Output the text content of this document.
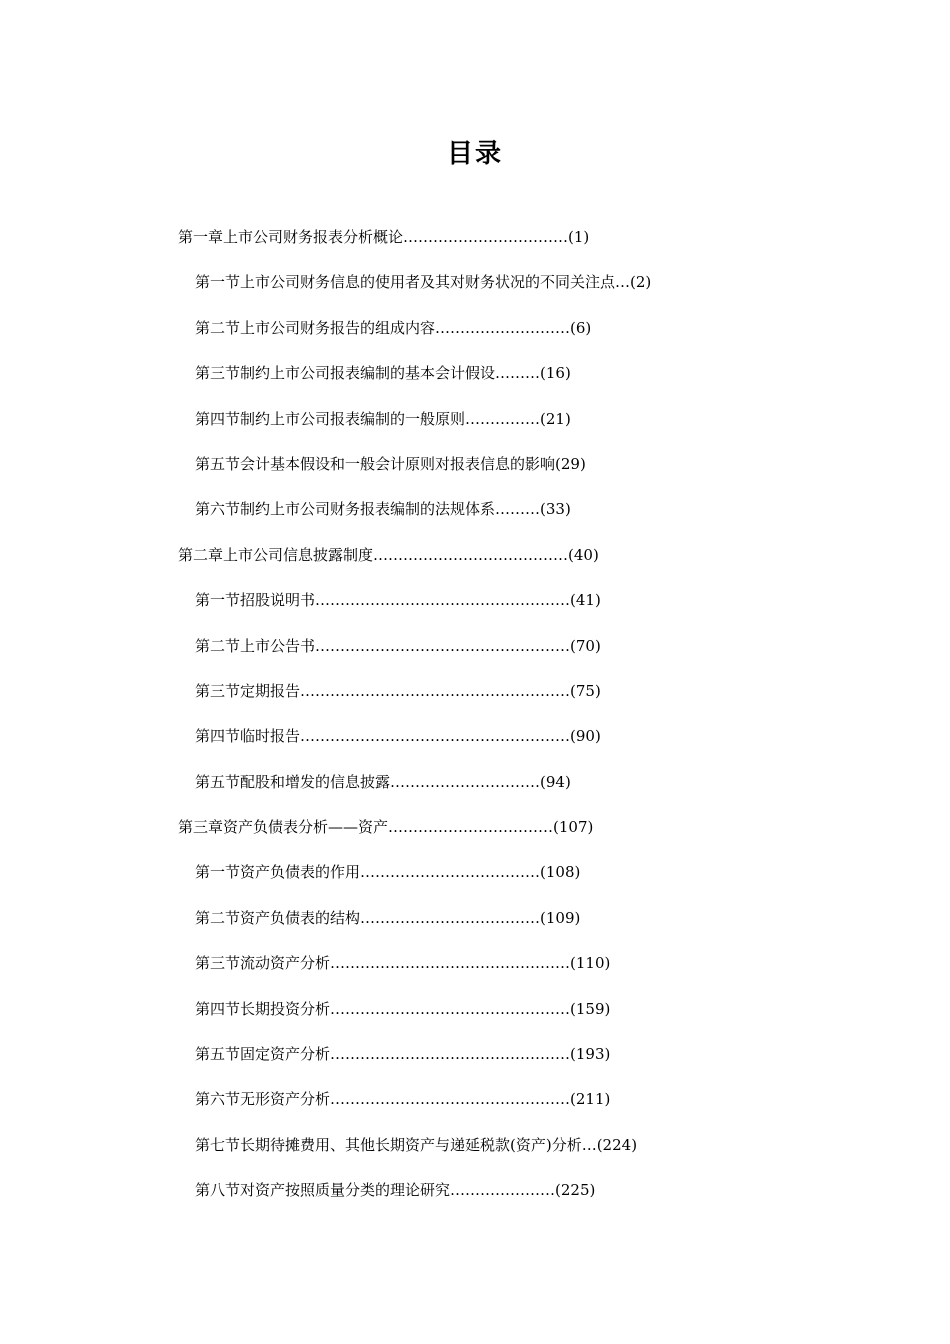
目录
第一章上市公司财务报表分析概论……………………………(1)
第一节上市公司财务信息的使用者及其对财务状况的不同关注点…(2)
第二节上市公司财务报告的组成内容………………………(6)
第三节制约上市公司报表编制的基本会计假设………(16)
第四节制约上市公司报表编制的一般原则……………(21)
第五节会计基本假设和一般会计原则对报表信息的影响(29)
第六节制约上市公司财务报表编制的法规体系………(33)
第二章上市公司信息披露制度…………………………………(40)
第一节招股说明书……………………………………………(41)
第二节上市公告书……………………………………………(70)
第三节定期报告………………………………………………(75)
第四节临时报告………………………………………………(90)
第五节配股和增发的信息披露…………………………(94)
第三章资产负债表分析——资产……………………………(107)
第一节资产负债表的作用………………………………(108)
第二节资产负债表的结构………………………………(109)
第三节流动资产分析…………………………………………(110)
第四节长期投资分析…………………………………………(159)
第五节固定资产分析…………………………………………(193)
第六节无形资产分析…………………………………………(211)
第七节长期待摊费用、其他长期资产与递延税款(资产)分析…(224)
第八节对资产按照质量分类的理论研究…………………(225)
